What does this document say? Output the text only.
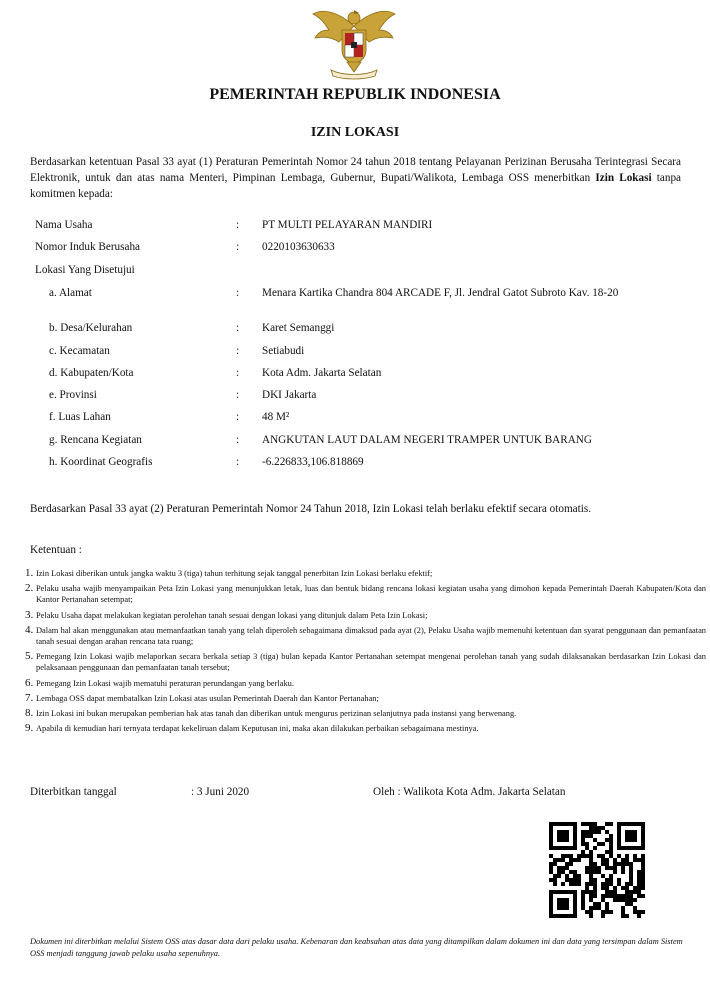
PEMERINTAH REPUBLIK INDONESIA
IZIN LOKASI
Berdasarkan ketentuan Pasal 33 ayat (1) Peraturan Pemerintah Nomor 24 tahun 2018 tentang Pelayanan Perizinan Berusaha Terintegrasi Secara Elektronik, untuk dan atas nama Menteri, Pimpinan Lembaga, Gubernur, Bupati/Walikota, Lembaga OSS menerbitkan Izin Lokasi tanpa komitmen kepada:
Nama Usaha	: PT MULTI PELAYARAN MANDIRI
Nomor Induk Berusaha	: 0220103630633
Lokasi Yang Disetujui
a. Alamat	: Menara Kartika Chandra 804 ARCADE F, Jl. Jendral Gatot Subroto Kav. 18-20
b. Desa/Kelurahan	: Karet Semanggi
c. Kecamatan	: Setiabudi
d. Kabupaten/Kota	: Kota Adm. Jakarta Selatan
e. Provinsi	: DKI Jakarta
f. Luas Lahan	: 48 M²
g. Rencana Kegiatan	: ANGKUTAN LAUT DALAM NEGERI TRAMPER UNTUK BARANG
h. Koordinat Geografis	: -6.226833,106.818869
Berdasarkan Pasal 33 ayat (2) Peraturan Pemerintah Nomor 24 Tahun 2018, Izin Lokasi telah berlaku efektif secara otomatis.
Ketentuan :
1. Izin Lokasi diberikan untuk jangka waktu 3 (tiga) tahun terhitung sejak tanggal penerbitan Izin Lokasi berlaku efektif;
2. Pelaku usaha wajib menyampaikan Peta Izin Lokasi yang menunjukkan letak, luas dan bentuk bidang rencana lokasi kegiatan usaha yang dimohon kepada Pemerintah Daerah Kabupaten/Kota dan Kantor Pertanahan setempat;
3. Pelaku Usaha dapat melakukan kegiatan perolehan tanah sesuai dengan lokasi yang ditunjuk dalam Peta Izin Lokasi;
4. Dalam hal akan menggunakan atau memanfaatkan tanah yang telah diperoleh sebagaimana dimaksud pada ayat (2), Pelaku Usaha wajib memenuhi ketentuan dan syarat penggunaan dan pemanfaatan tanah sesuai dengan arahan rencana tata ruang;
5. Pemegang Izin Lokasi wajib melaporkan secara berkala setiap 3 (tiga) bulan kepada Kantor Pertanahan setempat mengenai perolehan tanah yang sudah dilaksanakan berdasarkan Izin Lokasi dan pelaksanaan penggunaan dan pemanfaatan tanah tersebut;
6. Pemegang Izin Lokasi wajib mematuhi peraturan perundangan yang berlaku.
7. Lembaga OSS dapat membatalkan Izin Lokasi atas usulan Pemerintah Daerah dan Kantor Pertanahan;
8. Izin Lokasi ini bukan merupakan pemberian hak atas tanah dan diberikan untuk mengurus perizinan selanjutnya pada instansi yang berwenang.
9. Apabila di kemudian hari ternyata terdapat kekeliruan dalam Keputusan ini, maka akan dilakukan perbaikan sebagaimana mestinya.
Diterbitkan tanggal	: 3 Juni 2020	Oleh : Walikota Kota Adm. Jakarta Selatan
Dokumen ini diterbitkan melalui Sistem OSS atas dasar data dari pelaku usaha. Kebenaran dan keabsahan atas data yang ditampilkan dalam dokumen ini dan data yang tersimpan dalam Sistem OSS menjadi tanggung jawab pelaku usaha sepenuhnya.
